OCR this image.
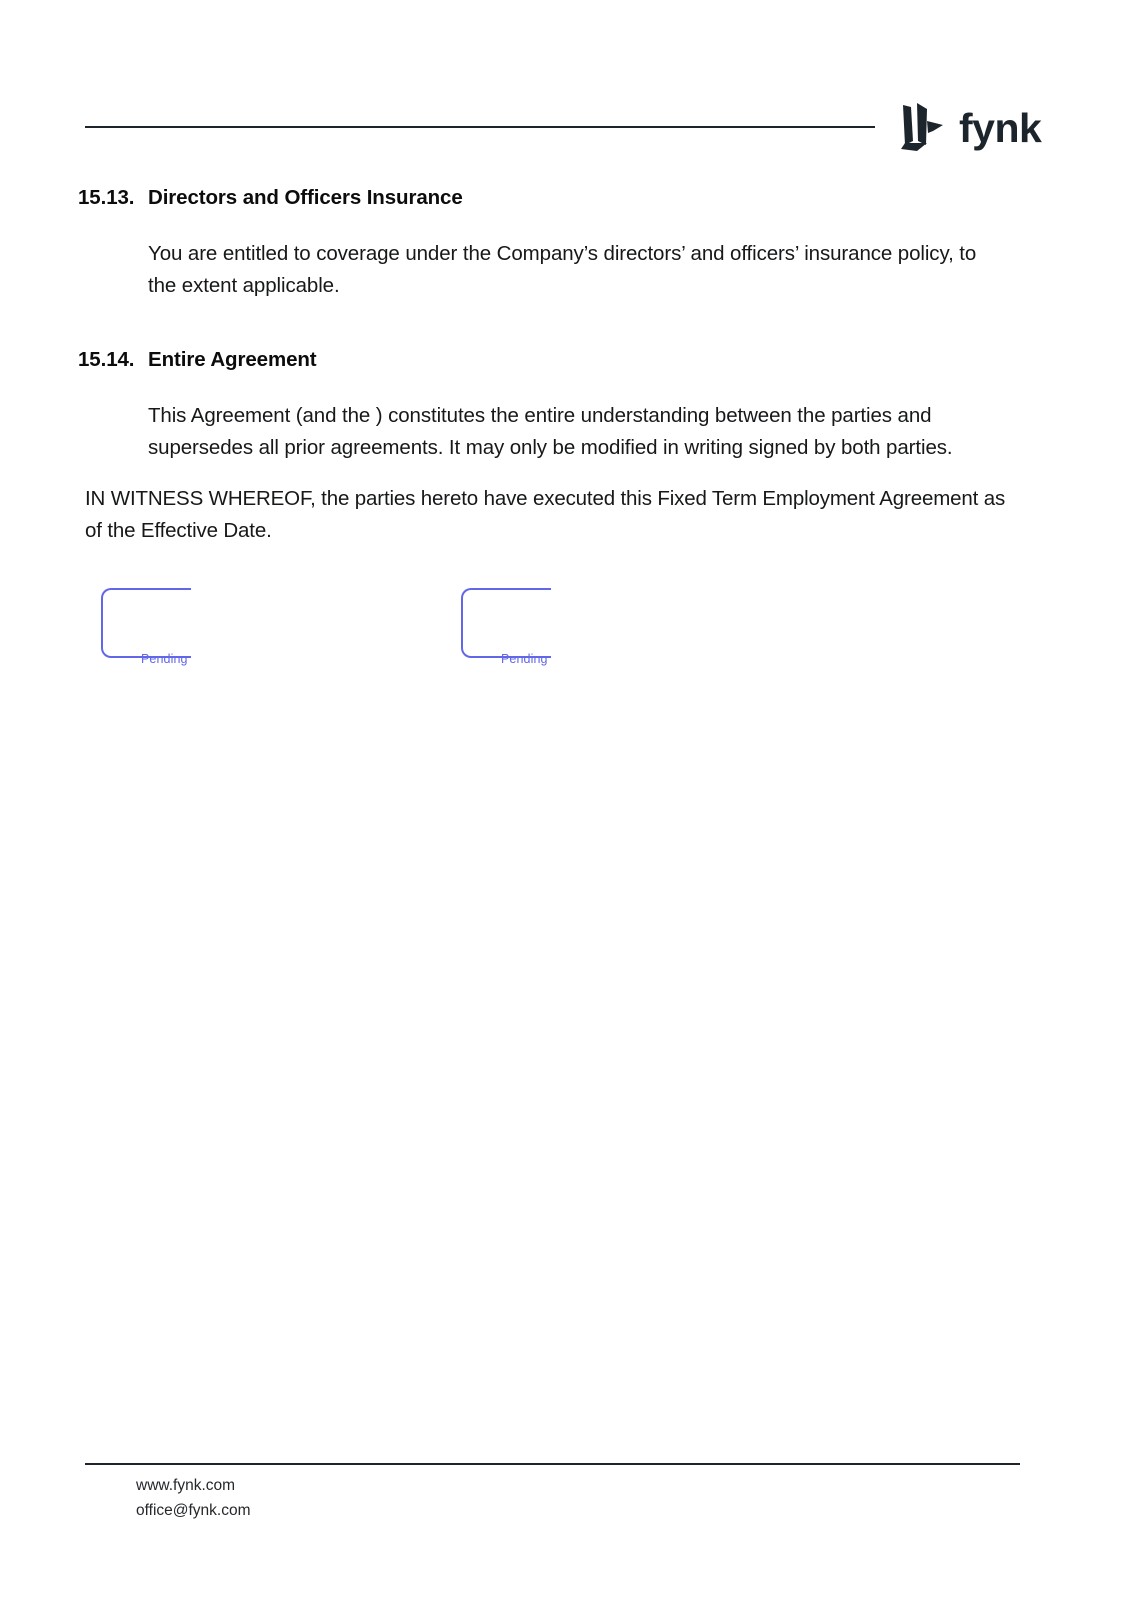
fynk
15.13. Directors and Officers Insurance
You are entitled to coverage under the Company’s directors’ and officers’ insurance policy, to the extent applicable.
15.14. Entire Agreement
This Agreement (and the ) constitutes the entire understanding between the parties and supersedes all prior agreements. It may only be modified in writing signed by both parties.
IN WITNESS WHEREOF, the parties hereto have executed this Fixed Term Employment Agreement as of the Effective Date.
Pending	Pending
www.fynk.com
office@fynk.com
